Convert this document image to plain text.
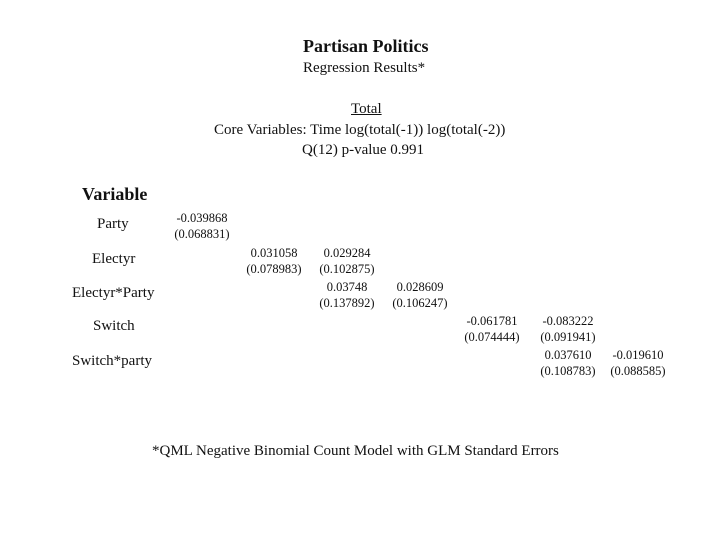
Partisan Politics
Regression Results*
Total
Core Variables: Time log(total(-1)) log(total(-2))
Q(12) p-value 0.991
Variable
Party
Electyr
Electyr*Party
Switch
Switch*party
-0.039868
(0.068831)
0.031058
(0.078983)
0.029284
(0.102875)
0.03748
(0.137892)
0.028609
(0.106247)
-0.061781
(0.074444)
-0.083222
(0.091941)
0.037610
(0.108783)
-0.019610
(0.088585)
*QML Negative Binomial Count Model with GLM Standard Errors
